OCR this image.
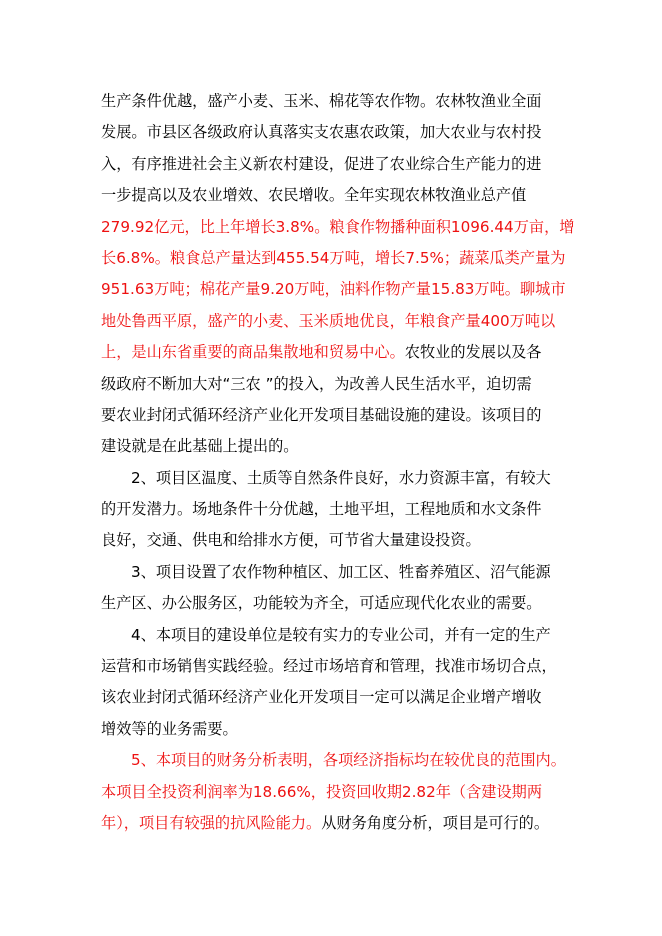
生产条件优越，盛产小麦、玉米、棉花等农作物。农林牧渔业全面
发展。市县区各级政府认真落实支农惠农政策，加大农业与农村投
入，有序推进社会主义新农村建设，促进了农业综合生产能力的进
一步提高以及农业增效、农民增收。全年实现农林牧渔业总产值
279.92亿元，比上年增长3.8%。粮食作物播种面积1096.44万亩，增
长6.8%。粮食总产量达到455.54万吨，增长7.5%；蔬菜瓜类产量为
951.63万吨；棉花产量9.20万吨，油料作物产量15.83万吨。聊城市
地处鲁西平原，盛产的小麦、玉米质地优良，年粮食产量400万吨以
上，是山东省重要的商品集散地和贸易中心。农牧业的发展以及各
级政府不断加大对“三农 ”的投入，为改善人民生活水平，迫切需
要农业封闭式循环经济产业化开发项目基础设施的建设。该项目的
建设就是在此基础上提出的。
2、项目区温度、土质等自然条件良好，水力资源丰富，有较大
的开发潜力。场地条件十分优越，土地平坦，工程地质和水文条件
良好，交通、供电和给排水方便，可节省大量建设投资。
3、项目设置了农作物种植区、加工区、牲畜养殖区、沼气能源
生产区、办公服务区，功能较为齐全，可适应现代化农业的需要。
4、本项目的建设单位是较有实力的专业公司，并有一定的生产
运营和市场销售实践经验。经过市场培育和管理，找准市场切合点，
该农业封闭式循环经济产业化开发项目一定可以满足企业增产增收
增效等的业务需要。
5、本项目的财务分析表明，各项经济指标均在较优良的范围内。
本项目全投资利润率为18.66%，投资回收期2.82年（含建设期两
年），项目有较强的抗风险能力。从财务角度分析，项目是可行的。
